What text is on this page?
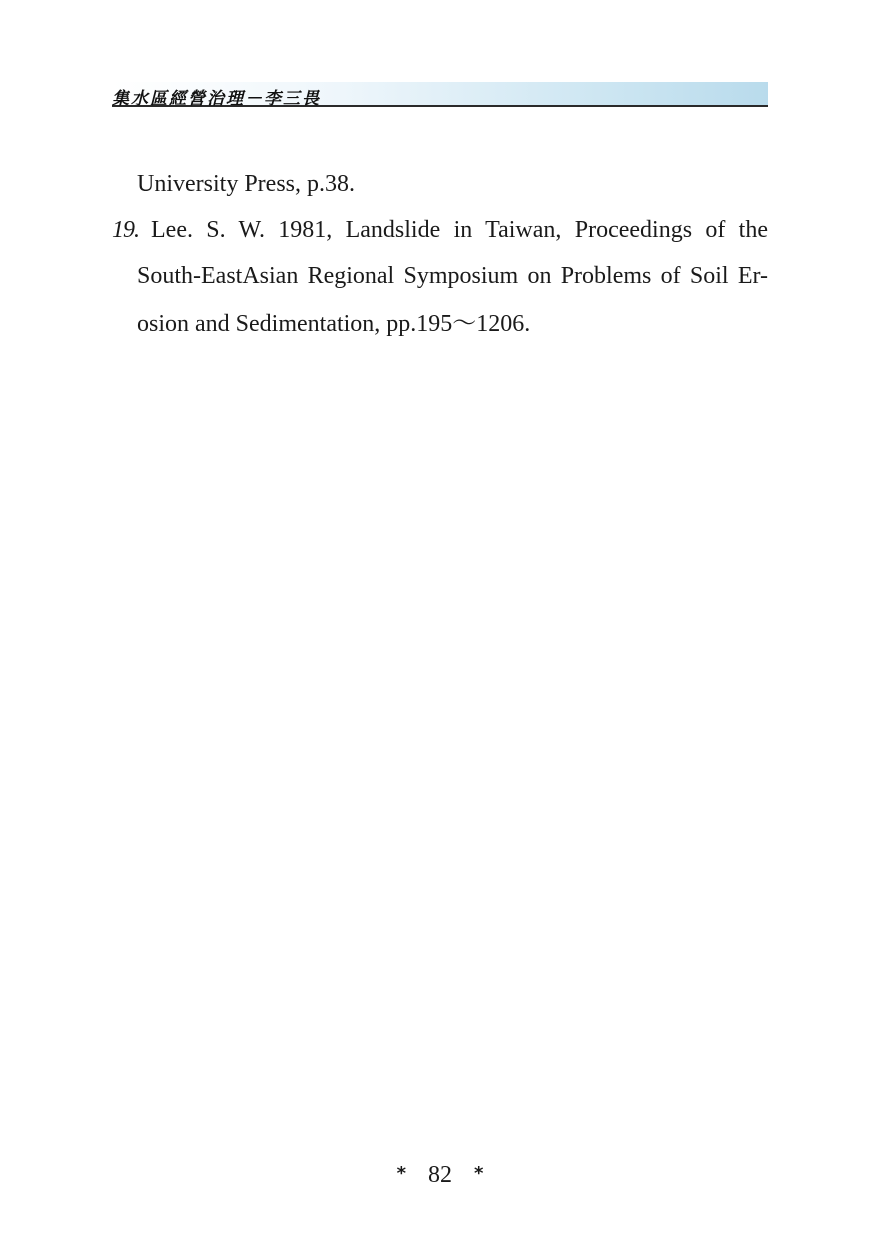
集水區經營治理－李三畏
University Press, p.38.
19. Lee. S. W. 1981, Landslide in Taiwan, Proceedings of the
South-EastAsian Regional Symposium on Problems of Soil Er-
osion and Sedimentation, pp.195～1206.
* 82 *
